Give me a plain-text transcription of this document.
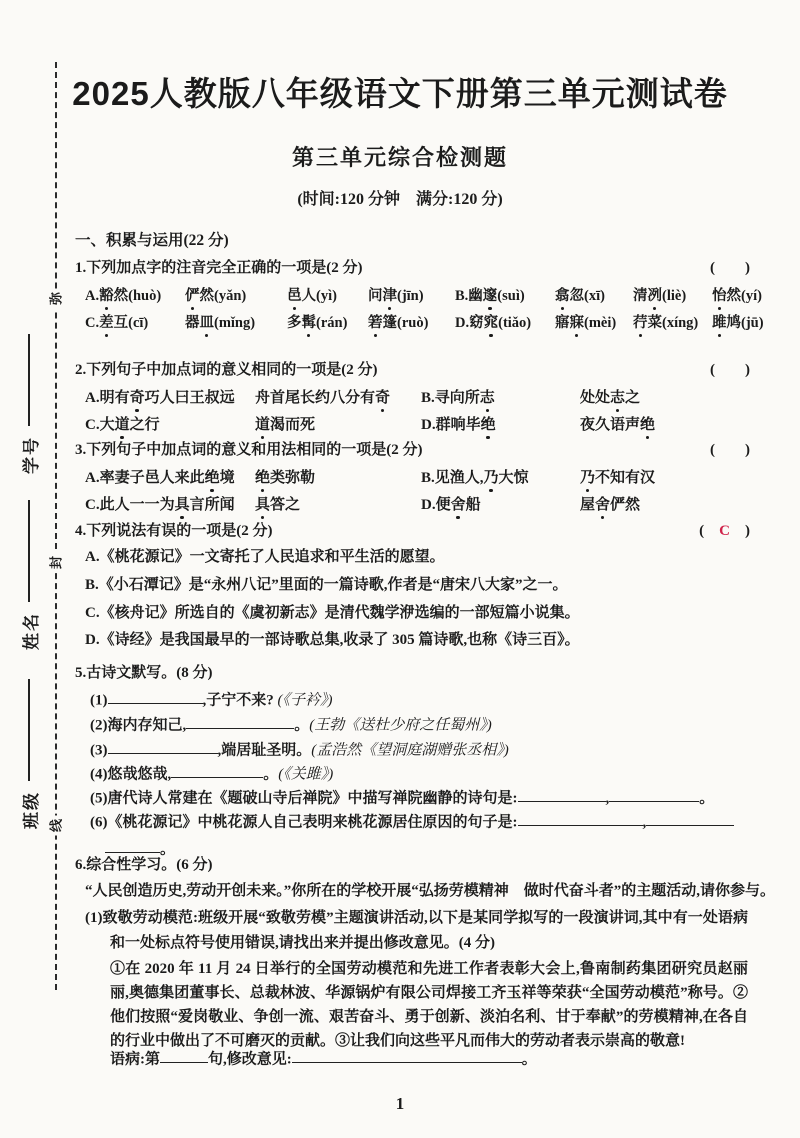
弥
封
线
学号
姓名
班级
2025人教版八年级语文下册第三单元测试卷
第三单元综合检测题
(时间:120 分钟　满分:120 分)
一、积累与运用(22 分)
1.下列加点字的注音完全正确的一项是(2 分)	(　　)
A.豁然(huò)	俨然(yǎn)	邑人(yì)	问津(jīn)	B.幽邃(suì)	翕忽(xī)	清冽(liè)	怡然(yí)
C.差互(cī)	器皿(mǐng)	多髯(rán)	箬篷(ruò)	D.窈窕(tiǎo)	寤寐(mèi)	荇菜(xíng) 雎鸠(jū)
2.下列句子中加点词的意义相同的一项是(2 分)	(　　)
A.明有奇巧人曰王叔远	舟首尾长约八分有奇	B.寻向所志	处处志之
C.大道之行	道渴而死	D.群响毕绝	夜久语声绝
3.下列句子中加点词的意义和用法相同的一项是(2 分)	(　　)
A.率妻子邑人来此绝境	绝类弥勒	B.见渔人,乃大惊	乃不知有汉
C.此人一一为具言所闻	具答之	D.便舍船	屋舍俨然
4.下列说法有误的一项是(2 分)	(　C　)
A.《桃花源记》一文寄托了人民追求和平生活的愿望。
B.《小石潭记》是“永州八记”里面的一篇诗歌,作者是“唐宋八大家”之一。
C.《核舟记》所选自的《虞初新志》是清代魏学洢选编的一部短篇小说集。
D.《诗经》是我国最早的一部诗歌总集,收录了 305 篇诗歌,也称《诗三百》。
5.古诗文默写。(8 分)
(1)	,子宁不来? (《子衿》)
(2)海内存知己,	。(王勃《送杜少府之任蜀州》)
(3)	,端居耻圣明。(孟浩然《望洞庭湖赠张丞相》)
(4)悠哉悠哉,	。(《关雎》)
(5)唐代诗人常建在《题破山寺后禅院》中描写禅院幽静的诗句是:	,	。
(6)《桃花源记》中桃花源人自己表明来桃花源居住原因的句子是:	,
。
6.综合性学习。(6 分)
“人民创造历史,劳动开创未来。”你所在的学校开展“弘扬劳模精神　做时代奋斗者”的主题活动,请你参与。
(1)致敬劳动模范:班级开展“致敬劳模”主题演讲活动,以下是某同学拟写的一段演讲词,其中有一处语病和一处标点符号使用错误,请找出来并提出修改意见。(4 分)
①在 2020 年 11 月 24 日举行的全国劳动模范和先进工作者表彰大会上,鲁南制药集团研究员赵丽丽,奥德集团董事长、总裁林波、华源锅炉有限公司焊接工齐玉祥等荣获“全国劳动模范”称号。②他们按照“爱岗敬业、争创一流、艰苦奋斗、勇于创新、淡泊名利、甘于奉献”的劳模精神,在各自的行业中做出了不可磨灭的贡献。③让我们向这些平凡而伟大的劳动者表示崇高的敬意!
语病:第	句,修改意见:	。
1
